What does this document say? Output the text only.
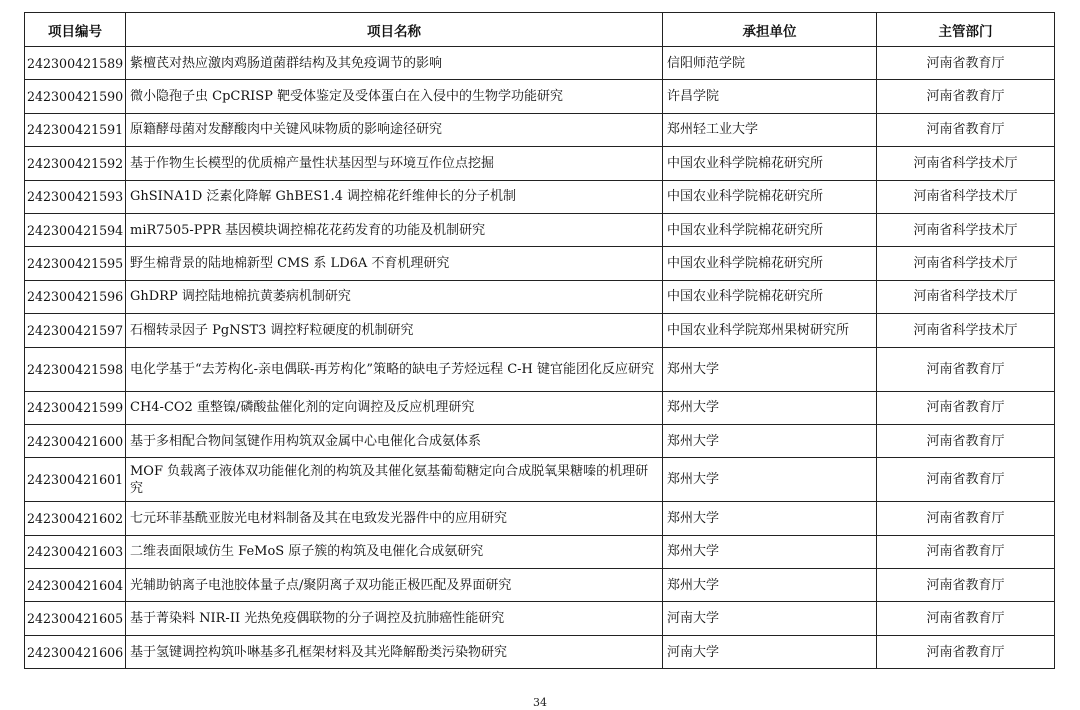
项目编号	项目名称	承担单位	主管部门
242300421589	紫檀芪对热应激肉鸡肠道菌群结构及其免疫调节的影响	信阳师范学院	河南省教育厅
242300421590	微小隐孢子虫 CpCRISP 靶受体鉴定及受体蛋白在入侵中的生物学功能研究	许昌学院	河南省教育厅
242300421591	原籍酵母菌对发酵酸肉中关键风味物质的影响途径研究	郑州轻工业大学	河南省教育厅
242300421592	基于作物生长模型的优质棉产量性状基因型与环境互作位点挖掘	中国农业科学院棉花研究所	河南省科学技术厅
242300421593	GhSINA1D 泛素化降解 GhBES1.4 调控棉花纤维伸长的分子机制	中国农业科学院棉花研究所	河南省科学技术厅
242300421594	miR7505-PPR 基因模块调控棉花花药发育的功能及机制研究	中国农业科学院棉花研究所	河南省科学技术厅
242300421595	野生棉背景的陆地棉新型 CMS 系 LD6A 不育机理研究	中国农业科学院棉花研究所	河南省科学技术厅
242300421596	GhDRP 调控陆地棉抗黄萎病机制研究	中国农业科学院棉花研究所	河南省科学技术厅
242300421597	石榴转录因子 PgNST3 调控籽粒硬度的机制研究	中国农业科学院郑州果树研究所	河南省科学技术厅
242300421598	电化学基于“去芳构化-亲电偶联-再芳构化”策略的缺电子芳烃远程 C-H 键官能团化反应研究	郑州大学	河南省教育厅
242300421599	CH4-CO2 重整镍/磷酸盐催化剂的定向调控及反应机理研究	郑州大学	河南省教育厅
242300421600	基于多相配合物间氢键作用构筑双金属中心电催化合成氨体系	郑州大学	河南省教育厅
242300421601	MOF 负载离子液体双功能催化剂的构筑及其催化氨基葡萄糖定向合成脱氧果糖嗪的机理研究	郑州大学	河南省教育厅
242300421602	七元环菲基酰亚胺光电材料制备及其在电致发光器件中的应用研究	郑州大学	河南省教育厅
242300421603	二维表面限域仿生 FeMoS 原子簇的构筑及电催化合成氨研究	郑州大学	河南省教育厅
242300421604	光辅助钠离子电池胶体量子点/聚阴离子双功能正极匹配及界面研究	郑州大学	河南省教育厅
242300421605	基于菁染料 NIR-II 光热免疫偶联物的分子调控及抗肺癌性能研究	河南大学	河南省教育厅
242300421606	基于氢键调控构筑卟啉基多孔框架材料及其光降解酚类污染物研究	河南大学	河南省教育厅
34
